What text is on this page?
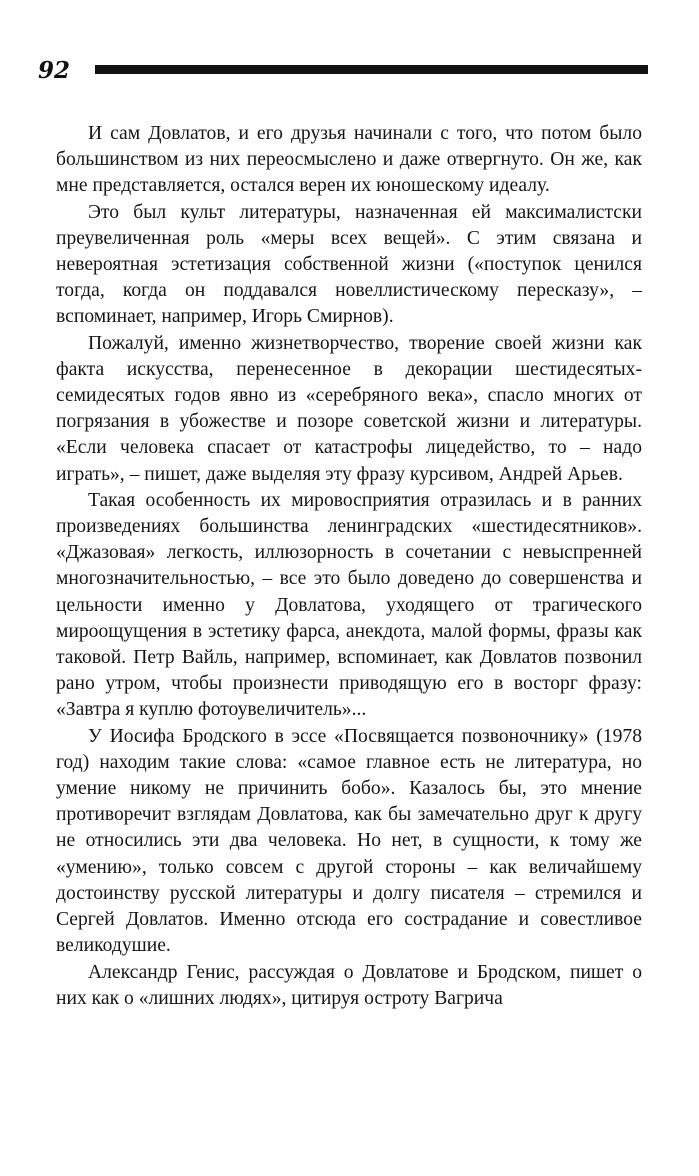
92

И сам Довлатов, и его друзья начинали с того, что потом было большинством из них переосмыслено и даже отвергнуто. Он же, как мне представляется, остался верен их юношескому идеалу.

Это был культ литературы, назначенная ей максималистски преувеличенная роль «меры всех вещей». С этим связана и невероятная эстетизация собственной жизни («поступок ценился тогда, когда он поддавался новеллистическому пересказу», – вспоминает, например, Игорь Смирнов).

Пожалуй, именно жизнетворчество, творение своей жизни как факта искусства, перенесенное в декорации шестидесятых-семидесятых годов явно из «серебряного века», спасло многих от погрязания в убожестве и позоре советской жизни и литературы. «Если человека спасает от катастрофы лицедейство, то – надо играть», – пишет, даже выделяя эту фразу курсивом, Андрей Арьев.

Такая особенность их мировосприятия отразилась и в ранних произведениях большинства ленинградских «шестидесятников». «Джазовая» легкость, иллюзорность в сочетании с невыспренней многозначительностью, – все это было доведено до совершенства и цельности именно у Довлатова, уходящего от трагического мироощущения в эстетику фарса, анекдота, малой формы, фразы как таковой. Петр Вайль, например, вспоминает, как Довлатов позвонил рано утром, чтобы произнести приводящую его в восторг фразу: «Завтра я куплю фотоувеличитель»...

У Иосифа Бродского в эссе «Посвящается позвоночнику» (1978 год) находим такие слова: «самое главное есть не литература, но умение никому не причинить бобо». Казалось бы, это мнение противоречит взглядам Довлатова, как бы замечательно друг к другу не относились эти два человека. Но нет, в сущности, к тому же «умению», только совсем с другой стороны – как величайшему достоинству русской литературы и долгу писателя – стремился и Сергей Довлатов. Именно отсюда его сострадание и совестливое великодушие.

Александр Генис, рассуждая о Довлатове и Бродском, пишет о них как о «лишних людях», цитируя остроту Вагрича
